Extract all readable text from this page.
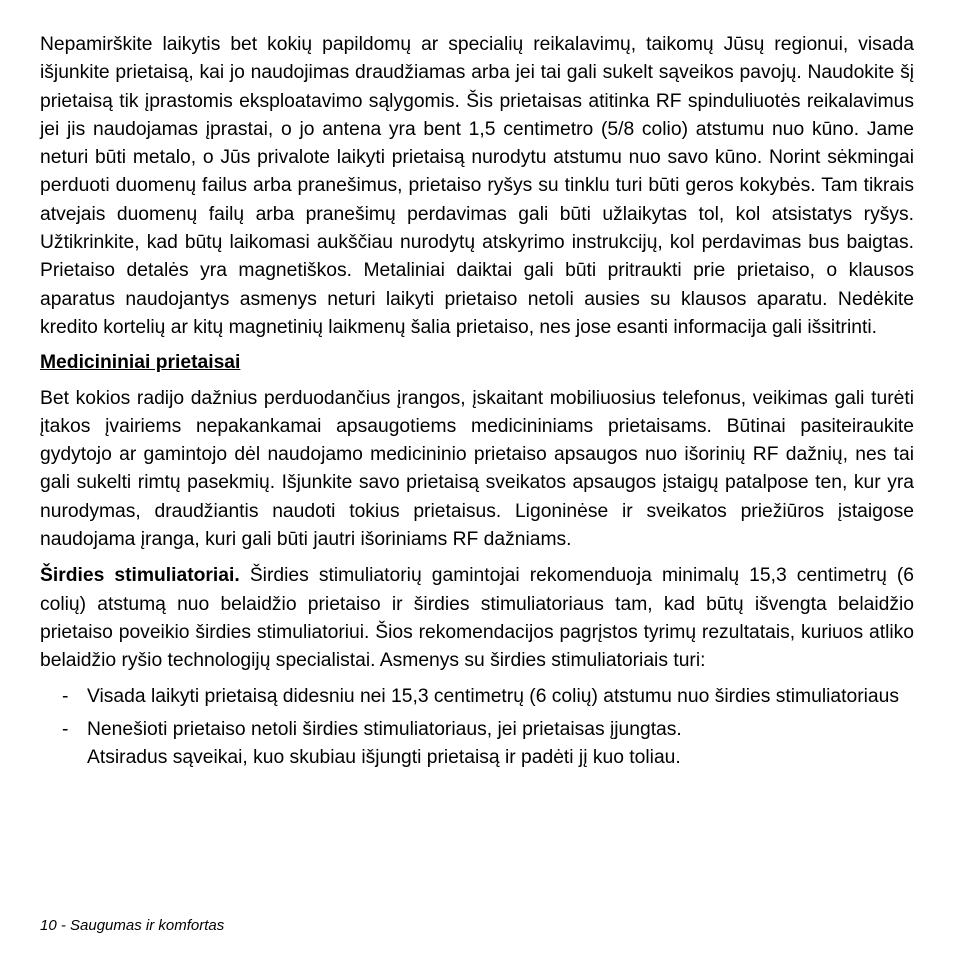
Nepamirškite laikytis bet kokių papildomų ar specialių reikalavimų, taikomų Jūsų regionui, visada išjunkite prietaisą, kai jo naudojimas draudžiamas arba jei tai gali sukelt sąveikos pavojų. Naudokite šį prietaisą tik įprastomis eksploatavimo sąlygomis. Šis prietaisas atitinka RF spinduliuotės reikalavimus jei jis naudojamas įprastai, o jo antena yra bent 1,5 centimetro (5/8 colio) atstumu nuo kūno. Jame neturi būti metalo, o Jūs privalote laikyti prietaisą nurodytu atstumu nuo savo kūno. Norint sėkmingai perduoti duomenų failus arba pranešimus, prietaiso ryšys su tinklu turi būti geros kokybės. Tam tikrais atvejais duomenų failų arba pranešimų perdavimas gali būti užlaikytas tol, kol atsistatys ryšys. Užtikrinkite, kad būtų laikomasi aukščiau nurodytų atskyrimo instrukcijų, kol perdavimas bus baigtas. Prietaiso detalės yra magnetiškos. Metaliniai daiktai gali būti pritraukti prie prietaiso, o klausos aparatus naudojantys asmenys neturi laikyti prietaiso netoli ausies su klausos aparatu. Nedėkite kredito kortelių ar kitų magnetinių laikmenų šalia prietaiso, nes jose esanti informacija gali išsitrinti.

Medicininiai prietaisai

Bet kokios radijo dažnius perduodančius įrangos, įskaitant mobiliuosius telefonus, veikimas gali turėti įtakos įvairiems nepakankamai apsaugotiems medicininiams prietaisams. Būtinai pasiteiraukite gydytojo ar gamintojo dėl naudojamo medicininio prietaiso apsaugos nuo išorinių RF dažnių, nes tai gali sukelti rimtų pasekmių. Išjunkite savo prietaisą sveikatos apsaugos įstaigų patalpose ten, kur yra nurodymas, draudžiantis naudoti tokius prietaisus. Ligoninėse ir sveikatos priežiūros įstaigose naudojama įranga, kuri gali būti jautri išoriniams RF dažniams.

Širdies stimuliatoriai. Širdies stimuliatorių gamintojai rekomenduoja minimalų 15,3 centimetrų (6 colių) atstumą nuo belaidžio prietaiso ir širdies stimuliatoriaus tam, kad būtų išvengta belaidžio prietaiso poveikio širdies stimuliatoriui. Šios rekomendacijos pagrįstos tyrimų rezultatais, kuriuos atliko belaidžio ryšio technologijų specialistai. Asmenys su širdies stimuliatoriais turi:

- Visada laikyti prietaisą didesniu nei 15,3 centimetrų (6 colių) atstumu nuo širdies stimuliatoriaus
- Nenešioti prietaiso netoli širdies stimuliatoriaus, jei prietaisas įjungtas.
Atsiradus sąveikai, kuo skubiau išjungti prietaisą ir padėti jį kuo toliau.
10 - Saugumas ir komfortas
